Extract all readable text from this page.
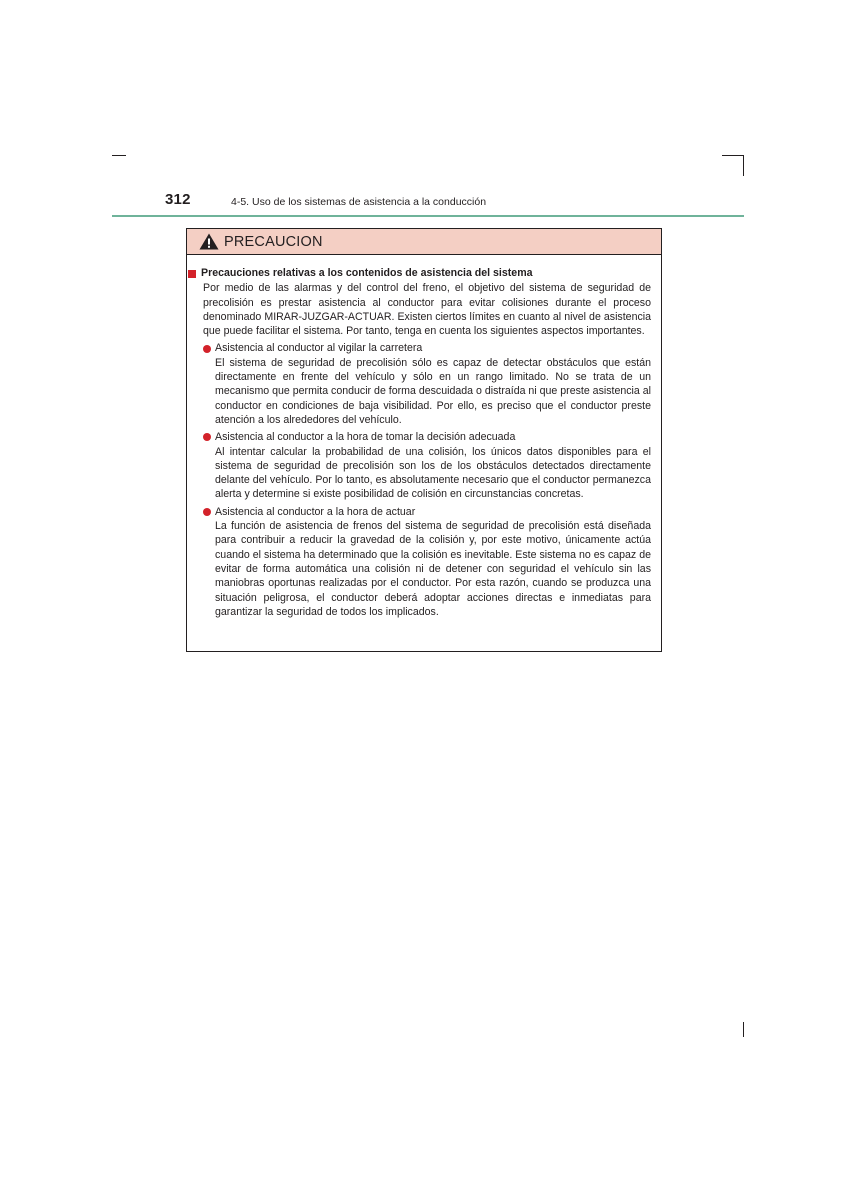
312	4-5. Uso de los sistemas de asistencia a la conducción
PRECAUCION
Precauciones relativas a los contenidos de asistencia del sistema
Por medio de las alarmas y del control del freno, el objetivo del sistema de seguridad de precolisión es prestar asistencia al conductor para evitar colisiones durante el proceso denominado MIRAR-JUZGAR-ACTUAR. Existen ciertos límites en cuanto al nivel de asistencia que puede facilitar el sistema. Por tanto, tenga en cuenta los siguientes aspectos importantes.
Asistencia al conductor al vigilar la carretera
El sistema de seguridad de precolisión sólo es capaz de detectar obstáculos que están directamente en frente del vehículo y sólo en un rango limitado. No se trata de un mecanismo que permita conducir de forma descuidada o distraída ni que preste asistencia al conductor en condiciones de baja visibilidad. Por ello, es preciso que el conductor preste atención a los alrededores del vehículo.
Asistencia al conductor a la hora de tomar la decisión adecuada
Al intentar calcular la probabilidad de una colisión, los únicos datos disponibles para el sistema de seguridad de precolisión son los de los obstáculos detectados directamente delante del vehículo. Por lo tanto, es absolutamente necesario que el conductor permanezca alerta y determine si existe posibilidad de colisión en circunstancias concretas.
Asistencia al conductor a la hora de actuar
La función de asistencia de frenos del sistema de seguridad de precolisión está diseñada para contribuir a reducir la gravedad de la colisión y, por este motivo, únicamente actúa cuando el sistema ha determinado que la colisión es inevitable. Este sistema no es capaz de evitar de forma automática una colisión ni de detener con seguridad el vehículo sin las maniobras oportunas realizadas por el conductor. Por esta razón, cuando se produzca una situación peligrosa, el conductor deberá adoptar acciones directas e inmediatas para garantizar la seguridad de todos los implicados.
